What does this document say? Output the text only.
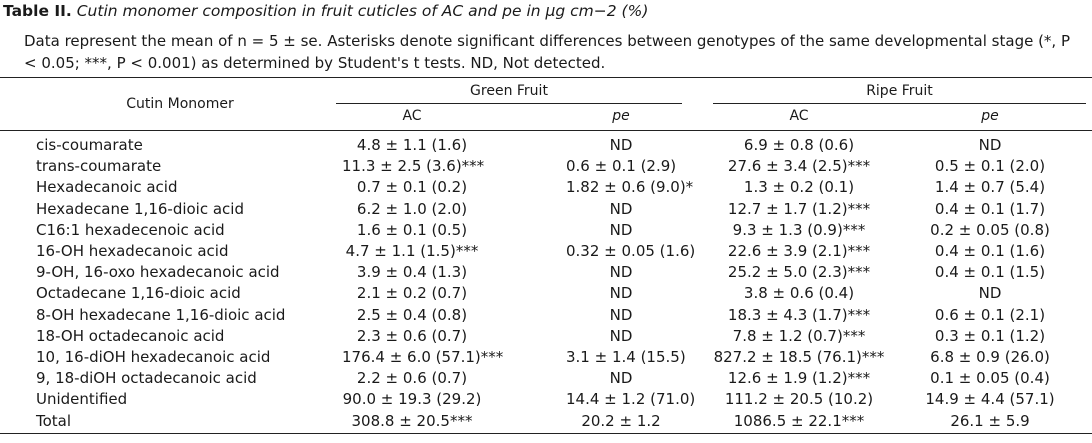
Table II. Cutin monomer composition in fruit cuticles of AC and pe in μg cm−2 (%)
Data represent the mean of n = 5 ± se. Asterisks denote significant differences between genotypes of the same developmental stage (*, P < 0.05; ***, P < 0.001) as determined by Student's t tests. ND, Not detected.
Cutin Monomer
Green Fruit	Ripe Fruit
AC	pe	AC	pe
cis-coumarate	4.8 ± 1.1 (1.6)	ND	6.9 ± 0.8 (0.6)	ND
trans-coumarate	11.3 ± 2.5 (3.6)***	0.6 ± 0.1 (2.9)	27.6 ± 3.4 (2.5)***	0.5 ± 0.1 (2.0)
Hexadecanoic acid	0.7 ± 0.1 (0.2)	1.82 ± 0.6 (9.0)*	1.3 ± 0.2 (0.1)	1.4 ± 0.7 (5.4)
Hexadecane 1,16-dioic acid	6.2 ± 1.0 (2.0)	ND	12.7 ± 1.7 (1.2)***	0.4 ± 0.1 (1.7)
C16:1 hexadecenoic acid	1.6 ± 0.1 (0.5)	ND	9.3 ± 1.3 (0.9)***	0.2 ± 0.05 (0.8)
16-OH hexadecanoic acid	4.7 ± 1.1 (1.5)***	0.32 ± 0.05 (1.6)	22.6 ± 3.9 (2.1)***	0.4 ± 0.1 (1.6)
9-OH, 16-oxo hexadecanoic acid	3.9 ± 0.4 (1.3)	ND	25.2 ± 5.0 (2.3)***	0.4 ± 0.1 (1.5)
Octadecane 1,16-dioic acid	2.1 ± 0.2 (0.7)	ND	3.8 ± 0.6 (0.4)	ND
8-OH hexadecane 1,16-dioic acid	2.5 ± 0.4 (0.8)	ND	18.3 ± 4.3 (1.7)***	0.6 ± 0.1 (2.1)
18-OH octadecanoic acid	2.3 ± 0.6 (0.7)	ND	7.8 ± 1.2 (0.7)***	0.3 ± 0.1 (1.2)
10, 16-diOH hexadecanoic acid	176.4 ± 6.0 (57.1)***	3.1 ± 1.4 (15.5) 827.2 ± 18.5 (76.1)***	6.8 ± 0.9 (26.0)
9, 18-diOH octadecanoic acid	2.2 ± 0.6 (0.7)	ND	12.6 ± 1.9 (1.2)***	0.1 ± 0.05 (0.4)
Unidentified	90.0 ± 19.3 (29.2)	14.4 ± 1.2 (71.0)	111.2 ± 20.5 (10.2)	14.9 ± 4.4 (57.1)
Total	308.8 ± 20.5***	20.2 ± 1.2	1086.5 ± 22.1***	26.1 ± 5.9
